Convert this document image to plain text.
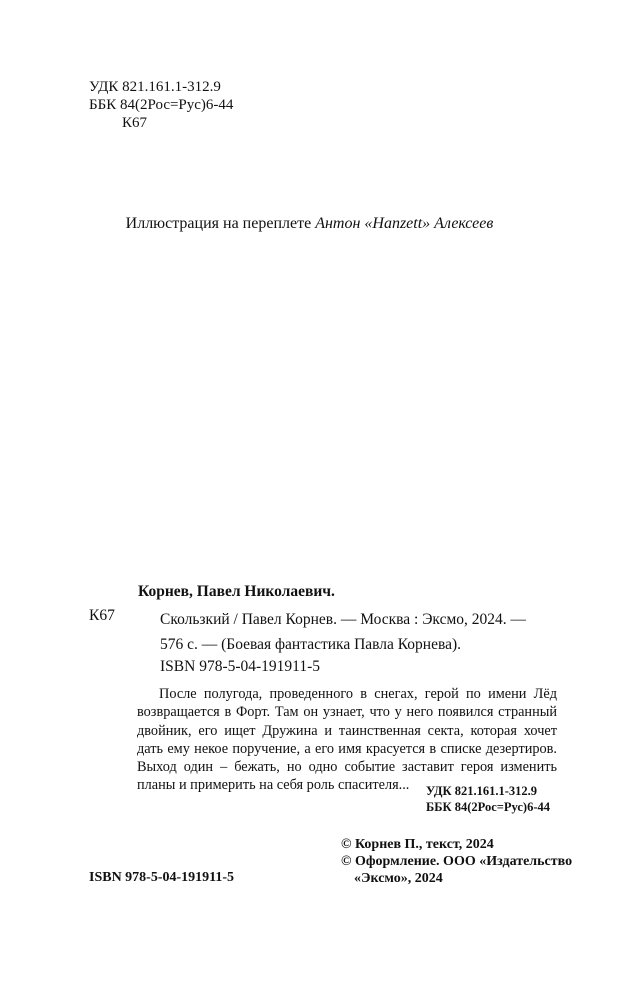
УДК 821.161.1-312.9
ББК 84(2Рос=Рус)6-44
К67
Иллюстрация на переплете Антон «Hanzett» Алексеев
Корнев, Павел Николаевич.
К67	Скользкий / Павел Корнев. — Москва : Эксмо, 2024. —
576 с. — (Боевая фантастика Павла Корнева).
ISBN 978-5-04-191911-5

После полугода, проведенного в снегах, герой по имени Лёд возвращается в Форт. Там он узнает, что у него появился странный двойник, его ищет Дружина и таинственная секта, которая хочет дать ему некое поручение, а его имя красуется в списке дезертиров. Выход один – бежать, но одно событие заставит героя изменить планы и примерить на себя роль спасителя...	УДК 821.161.1-312.9
ББК 84(2Рос=Рус)6-44
© Корнев П., текст, 2024
© Оформление. ООО «Издательство
«Эксмо», 2024
ISBN 978-5-04-191911-5
